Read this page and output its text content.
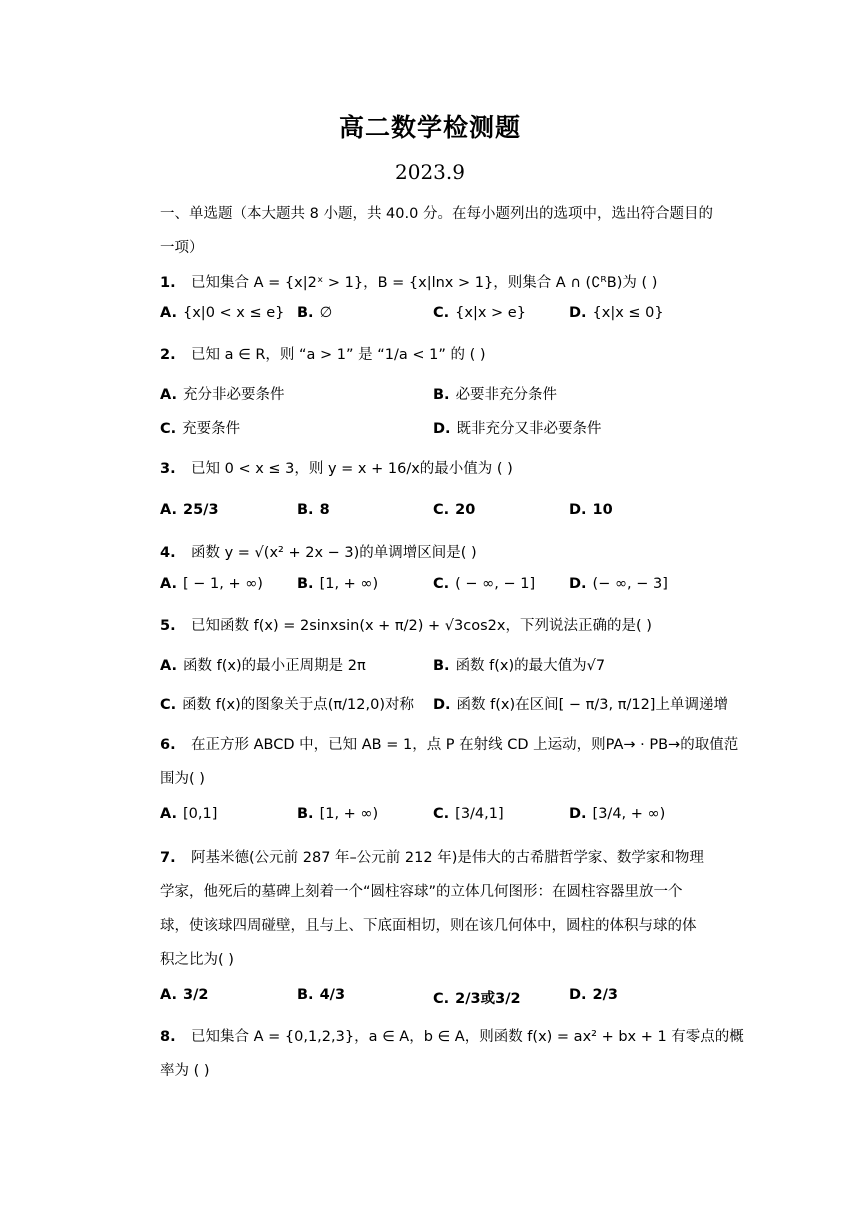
高二数学检测题
2023.9
一、单选题（本大题共 8 小题，共 40.0 分。在每小题列出的选项中，选出符合题目的
一项）
1. 已知集合 A = {x|2ˣ > 1}，B = {x|lnx > 1}，则集合 A ∩ (∁ᴿB)为 ( )
A. {x|0 < x ≤ e} B. ∅	C. {x|x > e}	D. {x|x ≤ 0}
2. 已知 a ∈ R，则 “a > 1” 是 “1/a < 1” 的 ( )
A. 充分非必要条件	B. 必要非充分条件
C. 充要条件	D. 既非充分又非必要条件
3. 已知 0 < x ≤ 3，则 y = x + 16/x的最小值为 ( )
A. 25/3	B. 8	C. 20	D. 10
4. 函数 y = √(x² + 2x − 3)的单调增区间是( )
A. [ − 1, + ∞) B. [1, + ∞)	C. ( − ∞, − 1] D. (− ∞, − 3]
5. 已知函数 f(x) = 2sinxsin(x + π/2) + √3cos2x，下列说法正确的是( )
A. 函数 f(x)的最小正周期是 2π	B. 函数 f(x)的最大值为√7
C. 函数 f(x)的图象关于点(π/12,0)对称 D. 函数 f(x)在区间[ − π/3, π/12]上单调递增
6. 在正方形 ABCD 中，已知 AB = 1，点 P 在射线 CD 上运动，则PA→ · PB→的取值范
围为( )
A. [0,1]	B. [1, + ∞)	C. [3/4,1]	D. [3/4, + ∞)
7. 阿基米德(公元前 287 年–公元前 212 年)是伟大的古希腊哲学家、数学家和物理
学家，他死后的墓碑上刻着一个“圆柱容球”的立体几何图形：在圆柱容器里放一个
球，使该球四周碰壁，且与上、下底面相切，则在该几何体中，圆柱的体积与球的体
积之比为( )
A. 3/2	B. 4/3	C. 2/3或3/2	D. 2/3
8. 已知集合 A = {0,1,2,3}，a ∈ A，b ∈ A，则函数 f(x) = ax² + bx + 1 有零点的概
率为 ( )
